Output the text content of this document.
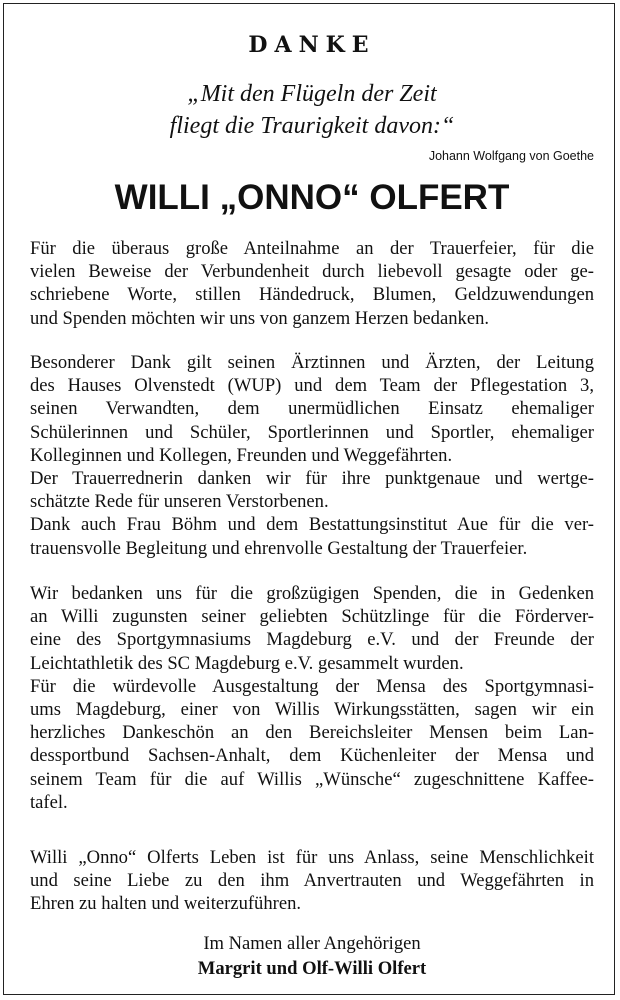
DANKE
„Mit den Flügeln der Zeit
fliegt die Traurigkeit davon:“
Johann Wolfgang von Goethe
WILLI „ONNO“ OLFERT
Für die überaus große Anteilnahme an der Trauerfeier, für die
vielen Beweise der Verbundenheit durch liebevoll gesagte oder ge-
schriebene Worte, stillen Händedruck, Blumen, Geldzuwendungen
und Spenden möchten wir uns von ganzem Herzen bedanken.
Besonderer Dank gilt seinen Ärztinnen und Ärzten, der Leitung
des Hauses Olvenstedt (WUP) und dem Team der Pflegestation 3,
seinen Verwandten, dem unermüdlichen Einsatz ehemaliger
Schülerinnen und Schüler, Sportlerinnen und Sportler, ehemaliger
Kolleginnen und Kollegen, Freunden und Weggefährten.
Der Trauerrednerin danken wir für ihre punktgenaue und wertge-
schätzte Rede für unseren Verstorbenen.
Dank auch Frau Böhm und dem Bestattungsinstitut Aue für die ver-
trauensvolle Begleitung und ehrenvolle Gestaltung der Trauerfeier.
Wir bedanken uns für die großzügigen Spenden, die in Gedenken
an Willi zugunsten seiner geliebten Schützlinge für die Förderver-
eine des Sportgymnasiums Magdeburg e.V. und der Freunde der
Leichtathletik des SC Magdeburg e.V. gesammelt wurden.
Für die würdevolle Ausgestaltung der Mensa des Sportgymnasi-
ums Magdeburg, einer von Willis Wirkungsstätten, sagen wir ein
herzliches Dankeschön an den Bereichsleiter Mensen beim Lan-
dessportbund Sachsen-Anhalt, dem Küchenleiter der Mensa und
seinem Team für die auf Willis „Wünsche“ zugeschnittene Kaffee-
tafel.
Willi „Onno“ Olferts Leben ist für uns Anlass, seine Menschlichkeit
und seine Liebe zu den ihm Anvertrauten und Weggefährten in
Ehren zu halten und weiterzuführen.
Im Namen aller Angehörigen
Margrit und Olf-Willi Olfert
